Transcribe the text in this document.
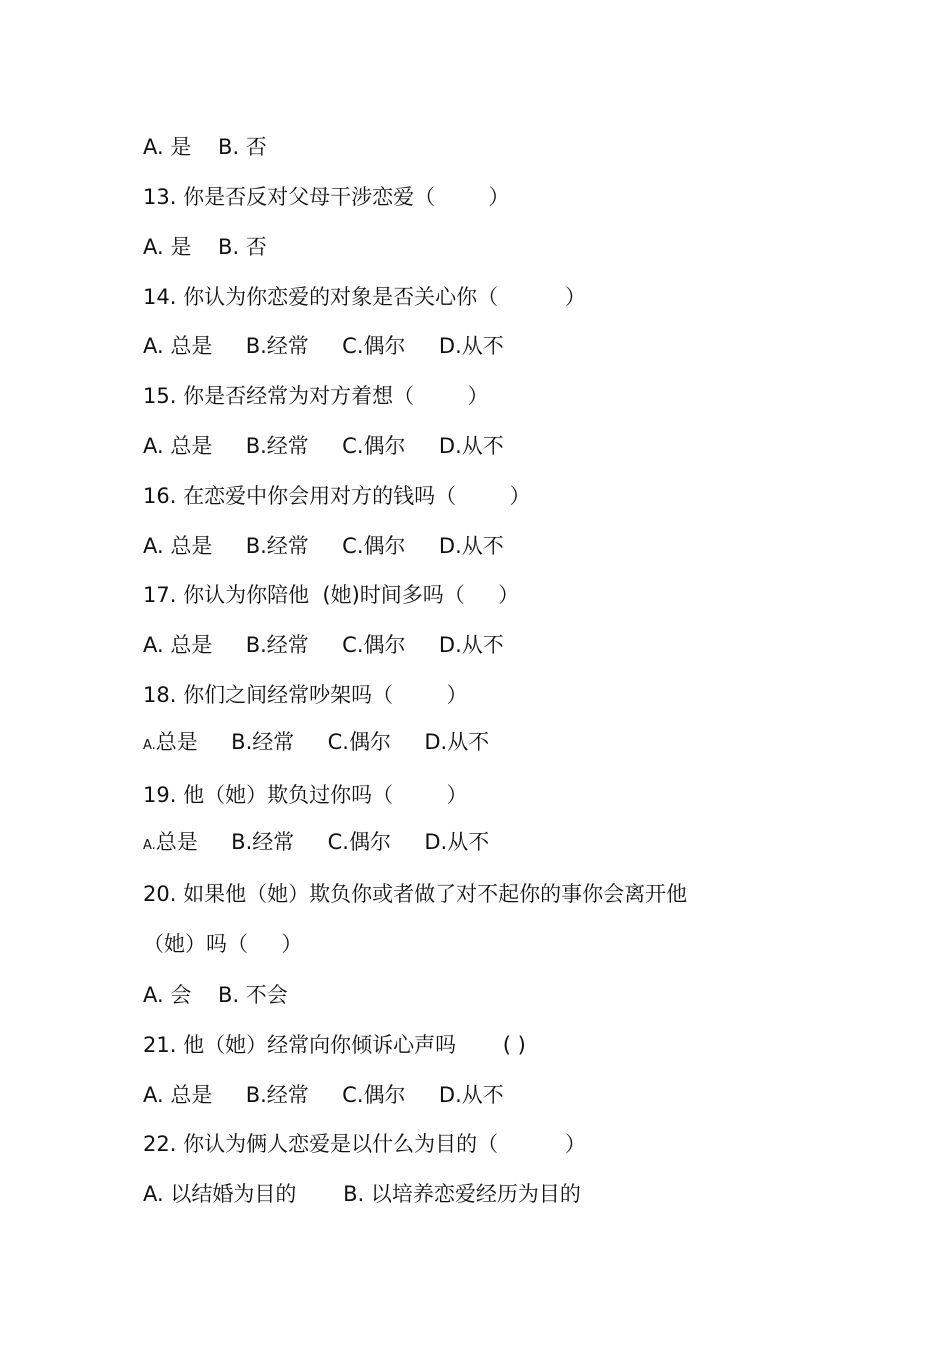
A. 是    B. 否
13. 你是否反对父母干涉恋爱（        ）
A. 是    B. 否
14. 你认为你恋爱的对象是否关心你（          ）
A. 总是     B.经常     C.偶尔     D.从不
15. 你是否经常为对方着想（        ）
A. 总是     B.经常     C.偶尔     D.从不
16. 在恋爱中你会用对方的钱吗（        ）
A. 总是     B.经常     C.偶尔     D.从不
17. 你认为你陪他  (她)时间多吗（     ）
A. 总是     B.经常     C.偶尔     D.从不
18. 你们之间经常吵架吗（        ）
A.总是     B.经常     C.偶尔     D.从不
19. 他（她）欺负过你吗（        ）
A.总是     B.经常     C.偶尔     D.从不
20. 如果他（她）欺负你或者做了对不起你的事你会离开他
（她）吗（     ）
A. 会    B. 不会
21. 他（她）经常向你倾诉心声吗       ( )
A. 总是     B.经常     C.偶尔     D.从不
22. 你认为俩人恋爱是以什么为目的（          ）
A. 以结婚为目的       B. 以培养恋爱经历为目的
